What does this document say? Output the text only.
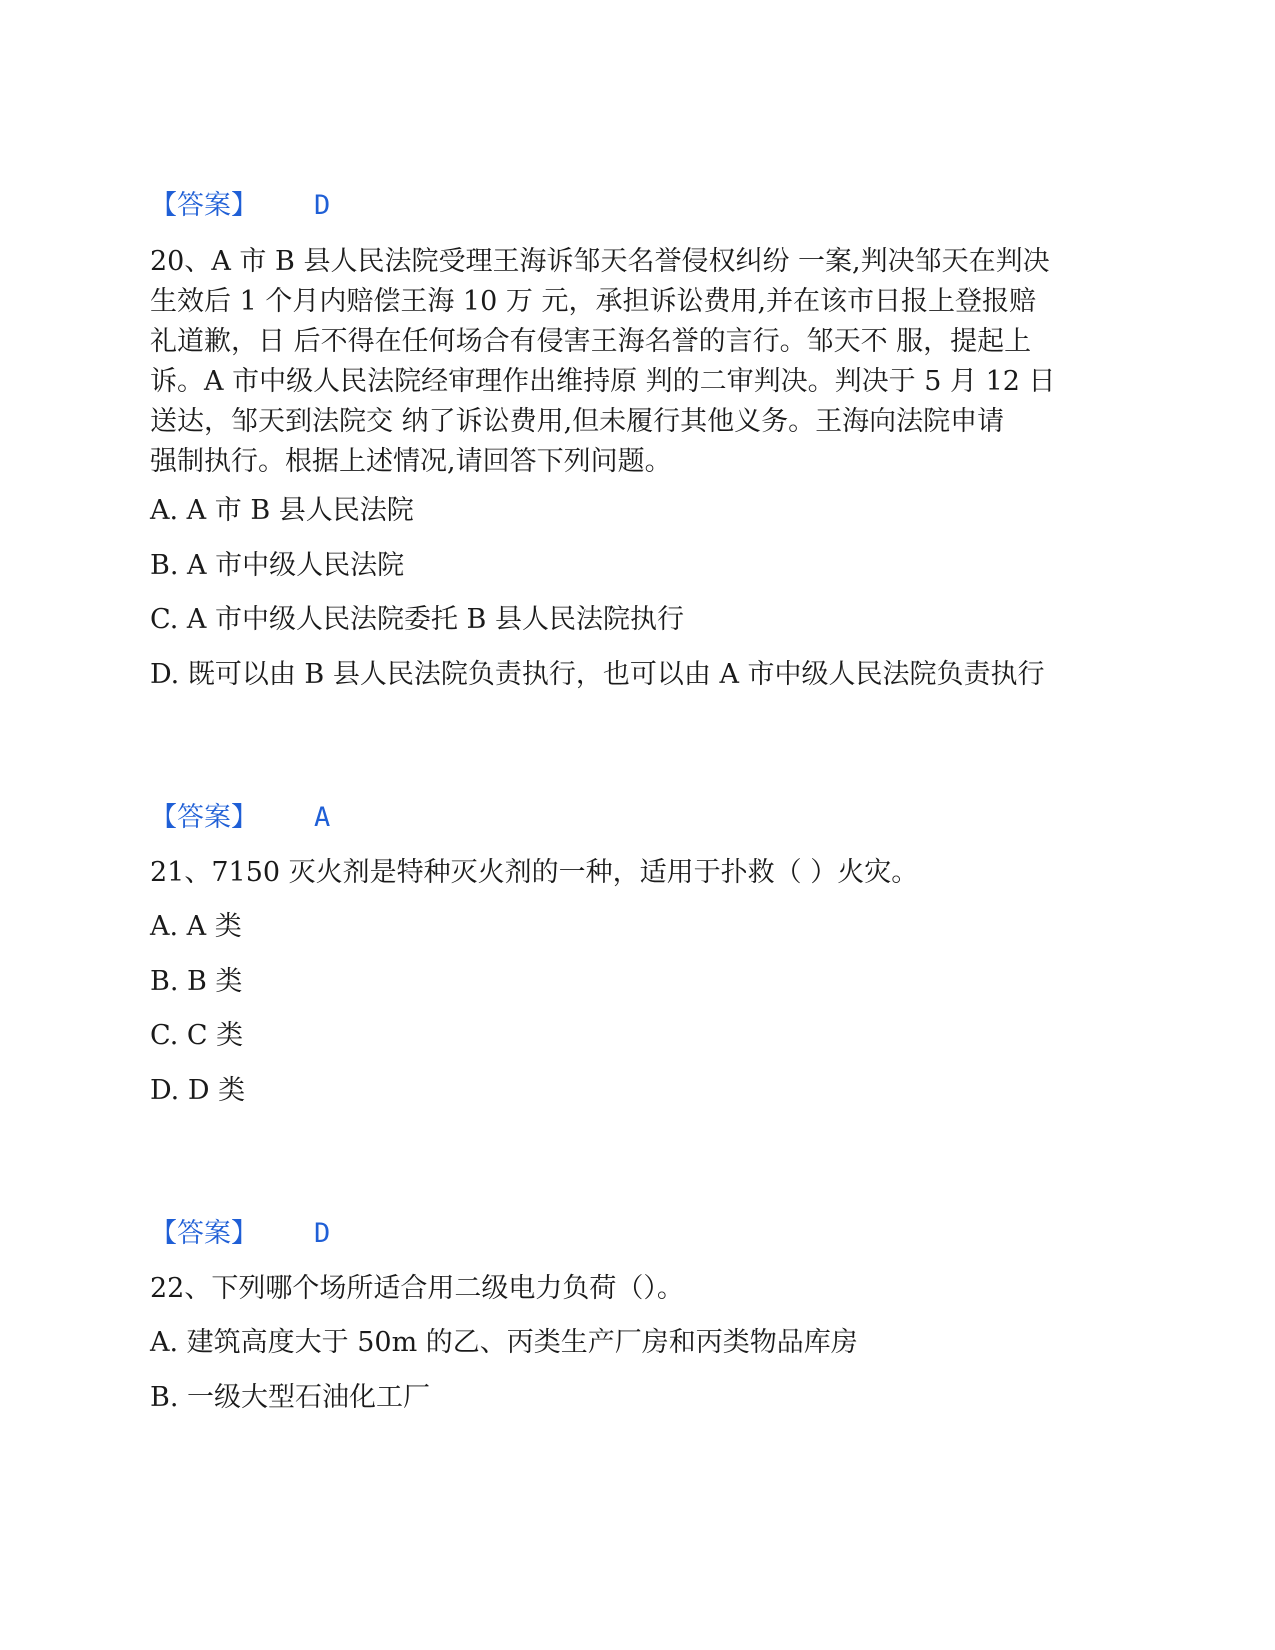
【答案】 D
20、A 市 B 县人民法院受理王海诉邹天名誉侵权纠纷 一案,判决邹天在判决
生效后 1 个月内赔偿王海 10 万 元，承担诉讼费用,并在该市日报上登报赔
礼道歉，日 后不得在任何场合有侵害王海名誉的言行。邹天不 服，提起上
诉。A 市中级人民法院经审理作出维持原 判的二审判决。判决于 5 月 12 日
送达，邹天到法院交 纳了诉讼费用,但未履行其他义务。王海向法院申请
强制执行。根据上述情况,请回答下列问题。
A. A 市 B 县人民法院
B. A 市中级人民法院
C. A 市中级人民法院委托 B 县人民法院执行
D. 既可以由 B 县人民法院负责执行，也可以由 A 市中级人民法院负责执行
【答案】 A
21、7150 灭火剂是特种灭火剂的一种，适用于扑救（ ）火灾。
A. A 类
B. B 类
C. C 类
D. D 类
【答案】 D
22、下列哪个场所适合用二级电力负荷（）。
A. 建筑高度大于 50m 的乙、丙类生产厂房和丙类物品库房
B. 一级大型石油化工厂
